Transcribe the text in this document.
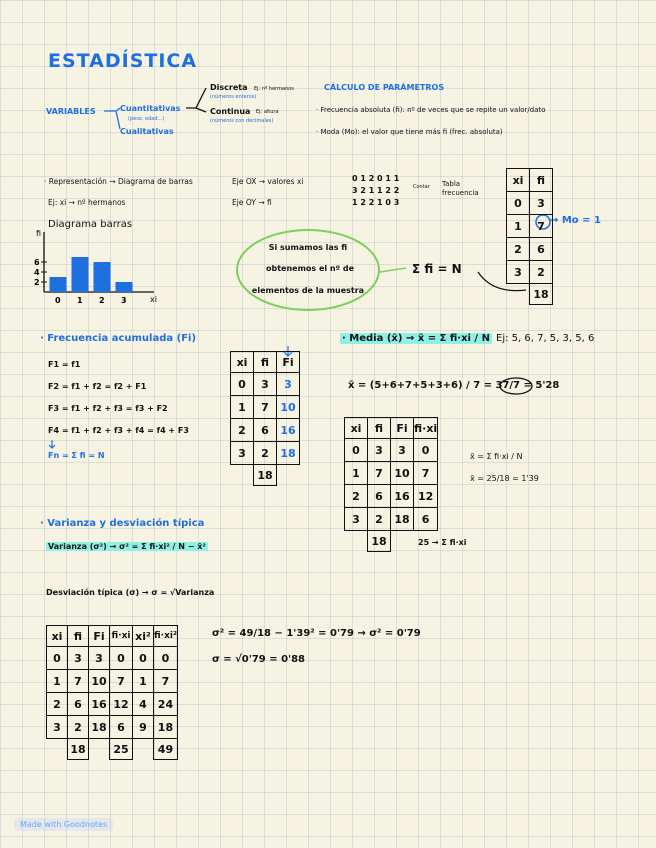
ESTADÍSTICA
VARIABLES	Cuantitativas
(peso, edad...)
Cualitativas
Discreta
(números enteros)
Ej: nº hermanos
Continua
(números con decimales)
Ej: altura
CÁLCULO DE PARÁMETROS
· Frecuencia absoluta (fi): nº de veces que se repite un valor/dato
· Moda (Mo): el valor que tiene más fi (frec. absoluta)
· Representación → Diagrama de barras	Eje OX → valores xi
Ej: xi → nº hermanos	Eje OY → fi
Diagrama barras
0 1 2 0 1 1
3 2 1 1 2 2
1 2 2 1 0 3
Contar Tabla frecuencia
fi
xi
2
4
6
0 1 2 3
Si sumamos las fi
obtenemos el nº de
elementos de la muestra
Σ fi = N
→ Mo = 1
xi	fi
0	3
1	7
2	6
3	2
	18
· Frecuencia acumulada (Fi)
F1 = f1
F2 = f1 + f2 = f2 + F1
F3 = f1 + f2 + f3 = f3 + F2
F4 = f1 + f2 + f3 + f4 = f4 + F3
Fn = Σ fi = N
xi	fi	Fi
0	3	3
1	7	10
2	6	16
3	2	18
	18	
· Media (x̄) → x̄ = Σ fi·xi / N Ej: 5, 6, 7, 5, 3, 5, 6
x̄ = (5+6+7+5+3+6) / 7 = 37/7 = 5'28
xi	fi	Fi	fi·xi
0	3	3	0
1	7	10	7
2	6	16	12
3	2	18	6
	18			25 → Σ fi·xi
x̄ = Σ fi·xi / N
x̄ = 25/18 = 1'39
· Varianza y desviación típica
Varianza (σ²) → σ² = Σ fi·xi² / N − x̄²
Desviación típica (σ) → σ = √Varianza
xi	fi	Fi	fi·xi	xi²	fi·xi²
0	3	3	0	0	0
1	7	10	7	1	7
2	6	16	12	4	24
3	2	18	6	9	18
	18		25		49
σ² = 49/18 − 1'39² = 0'79 → σ² = 0'79
σ = √0'79 = 0'88
Made with Goodnotes
